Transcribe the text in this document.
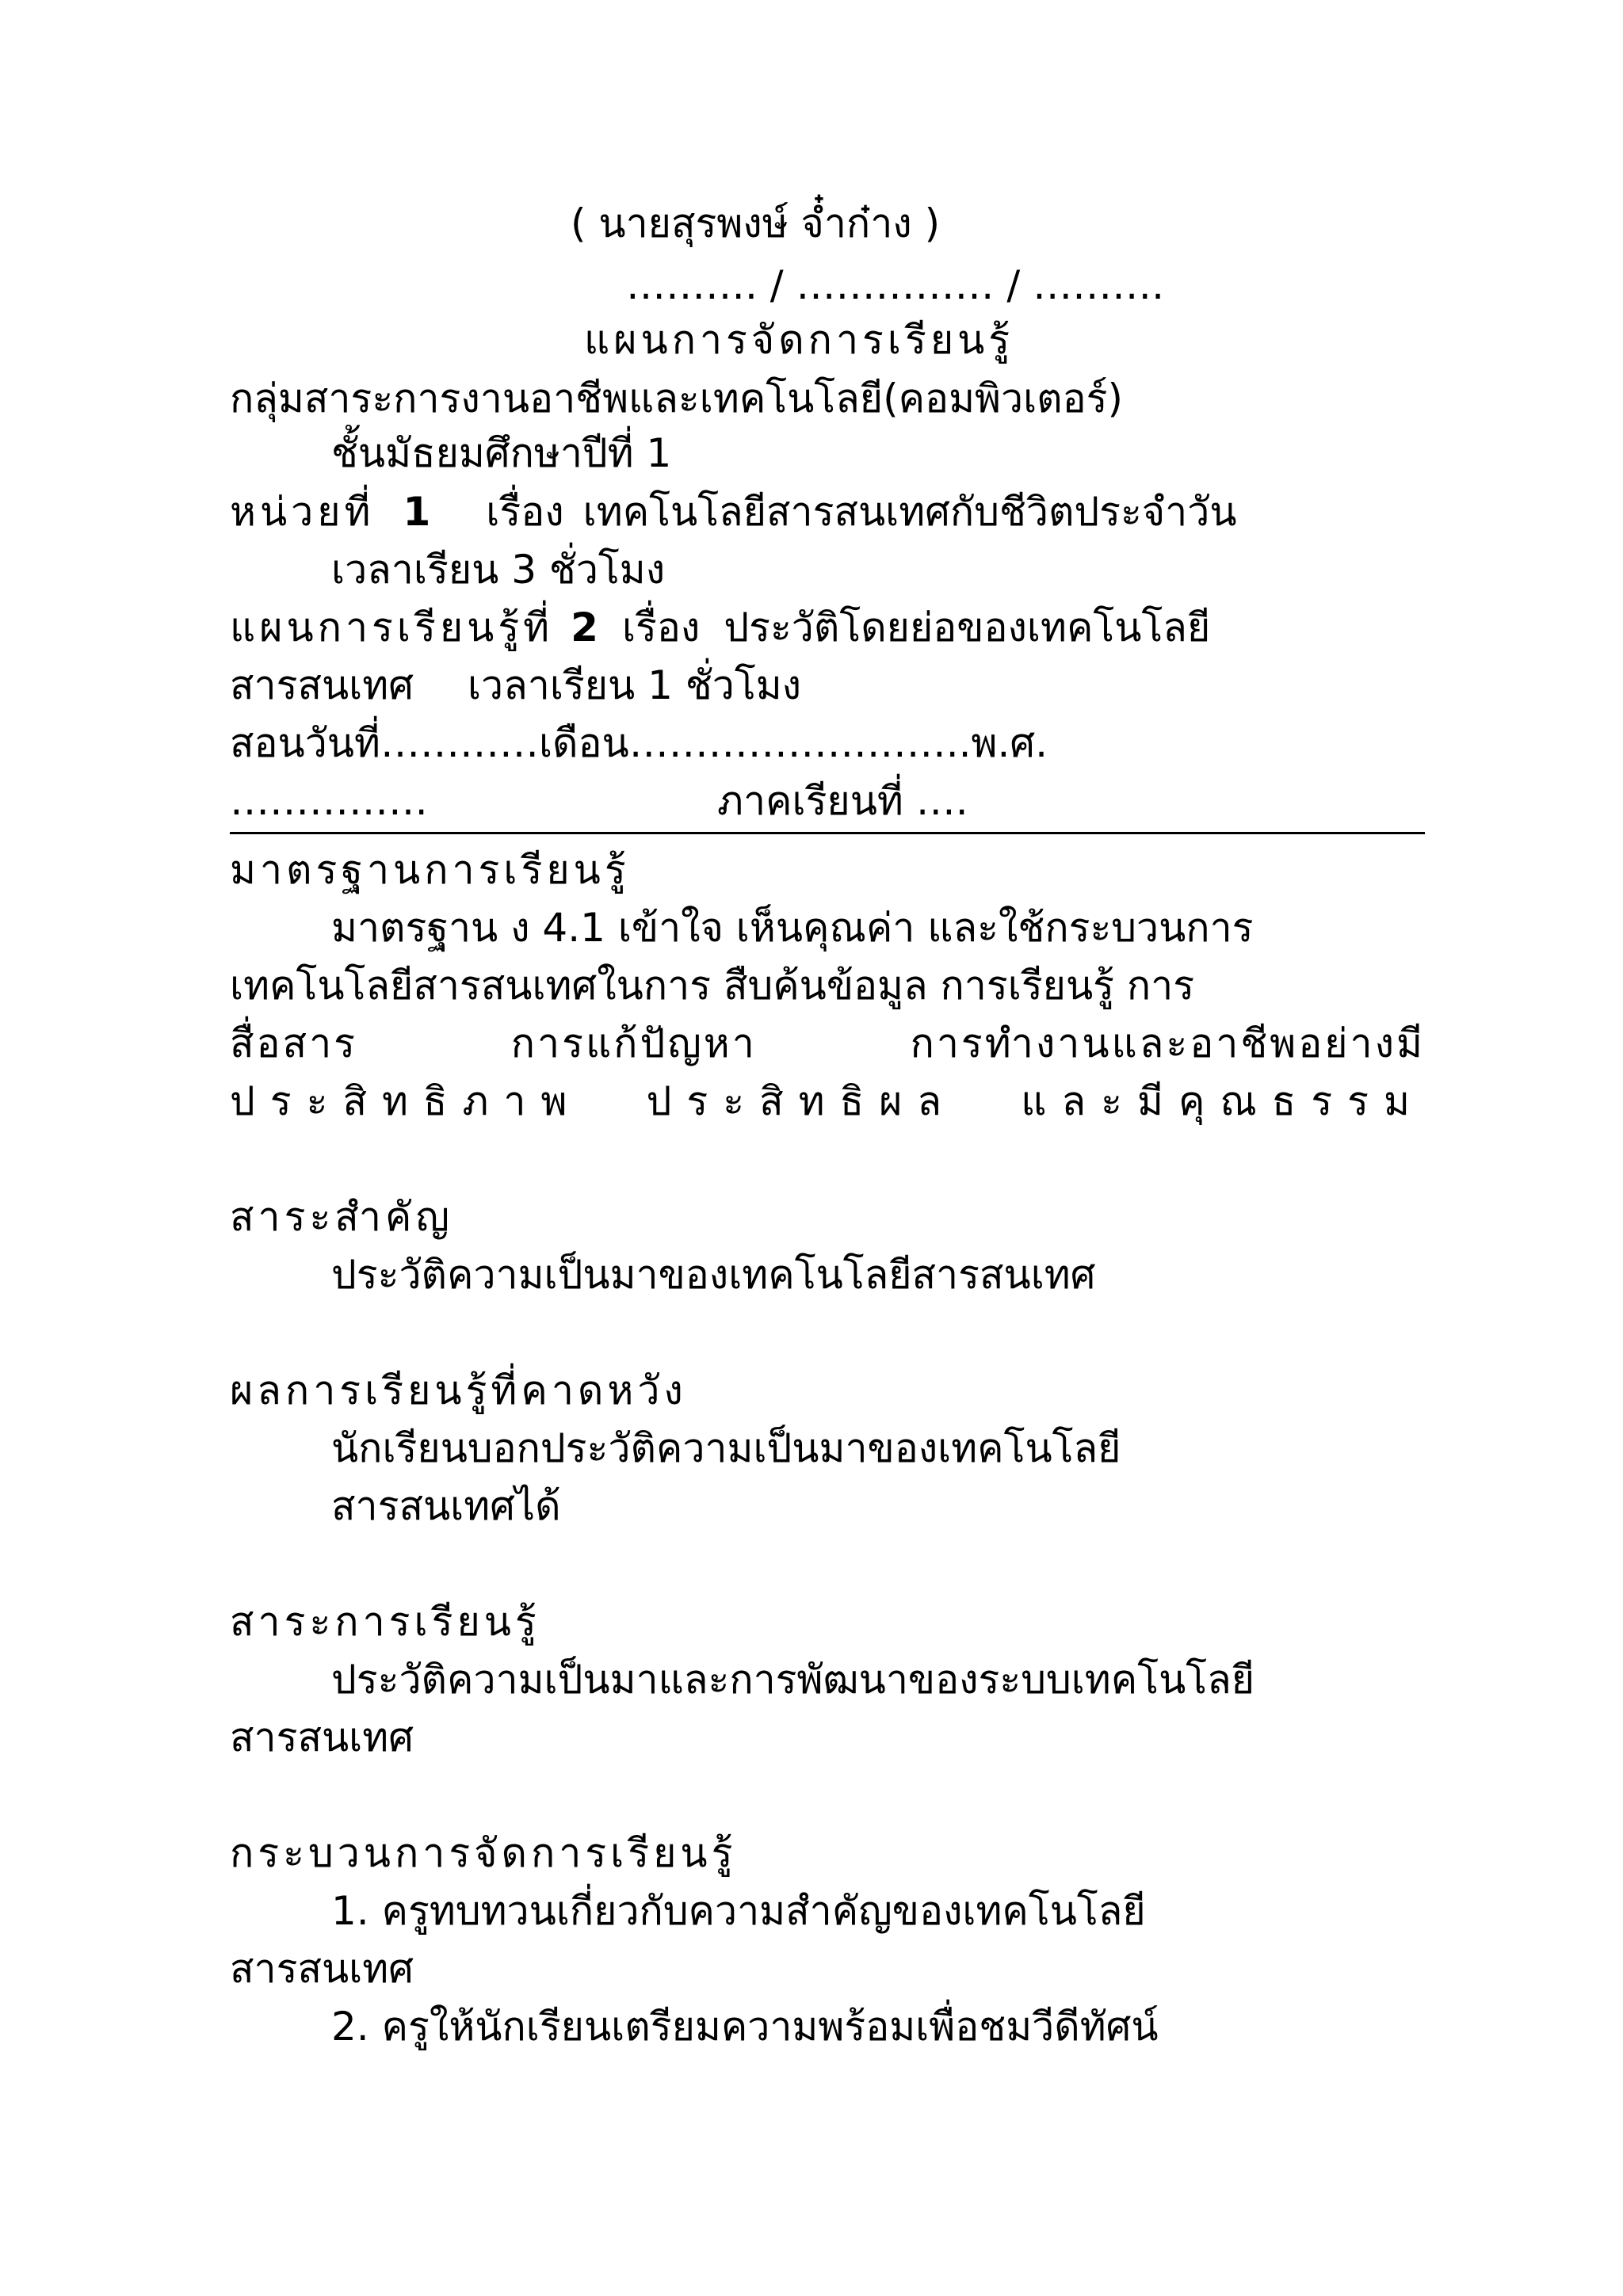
( นายสุรพงษ์ จ๋ำก๋าง )
………. / …………… / ……….
แผนการจัดการเรียนรู้
กลุ่มสาระการงานอาชีพและเทคโนโลยี(คอมพิวเตอร์)
ชั้นมัธยมศึกษาปีที่ 1
หน่วยที่ 1 เรื่อง เทคโนโลยีสารสนเทศกับชีวิตประจำวัน
เวลาเรียน 3 ชั่วโมง
แผนการเรียนรู้ที่ 2 เรื่อง ประวัติโดยย่อของเทคโนโลยี
สารสนเทศ เวลาเรียน 1 ชั่วโมง
สอนวันที่…………เดือน……………………..พ.ศ.
……………	ภาคเรียนที่ ….
มาตรฐานการเรียนรู้
มาตรฐาน ง 4.1 เข้าใจ เห็นคุณค่า และใช้กระบวนการ
เทคโนโลยีสารสนเทศในการ สืบค้นข้อมูล การเรียนรู้ การ
สื่อสาร การแก้ปัญหา การทำงานและอาชีพอย่างมี
ประสิทธิภาพ ประสิทธิผล และมีคุณธรรม
สาระสำคัญ
ประวัติความเป็นมาของเทคโนโลยีสารสนเทศ
ผลการเรียนรู้ที่คาดหวัง
นักเรียนบอกประวัติความเป็นมาของเทคโนโลยี
สารสนเทศได้
สาระการเรียนรู้
ประวัติความเป็นมาและการพัฒนาของระบบเทคโนโลยี
สารสนเทศ
กระบวนการจัดการเรียนรู้
1. ครูทบทวนเกี่ยวกับความสำคัญของเทคโนโลยี
สารสนเทศ
2. ครูให้นักเรียนเตรียมความพร้อมเพื่อชมวีดีทัศน์
